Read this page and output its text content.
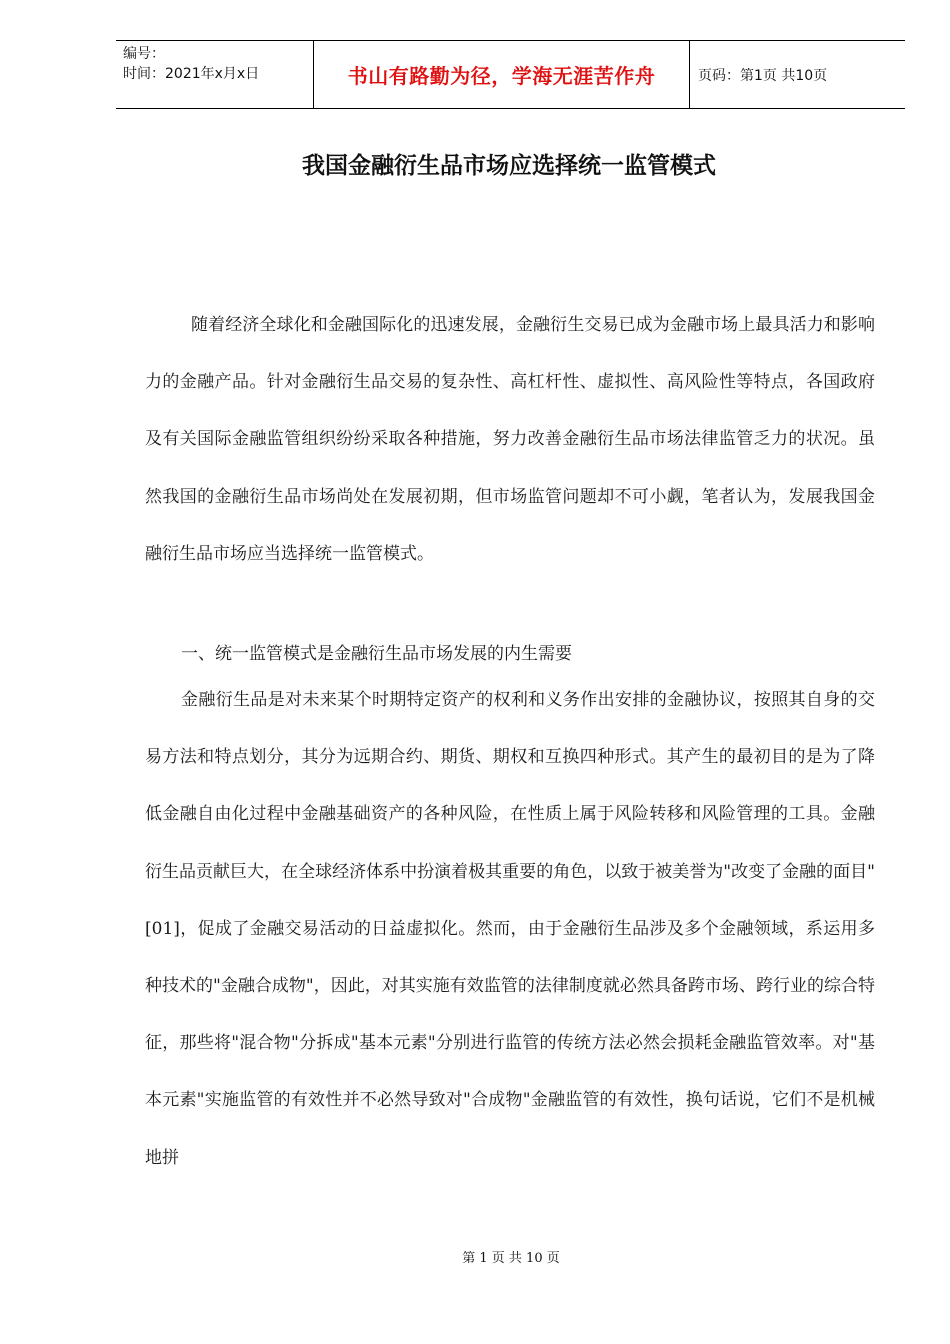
编号：
时间：2021年x月x日	书山有路勤为径，学海无涯苦作舟	页码：第1页 共10页
我国金融衍生品市场应选择统一监管模式

随着经济全球化和金融国际化的迅速发展，金融衍生交易已成为金融市场上最具活力和影响力的金融产品。针对金融衍生品交易的复杂性、高杠杆性、虚拟性、高风险性等特点，各国政府及有关国际金融监管组织纷纷采取各种措施，努力改善金融衍生品市场法律监管乏力的状况。虽然我国的金融衍生品市场尚处在发展初期，但市场监管问题却不可小觑，笔者认为，发展我国金融衍生品市场应当选择统一监管模式。

一、统一监管模式是金融衍生品市场发展的内生需要

金融衍生品是对未来某个时期特定资产的权利和义务作出安排的金融协议，按照其自身的交易方法和特点划分，其分为远期合约、期货、期权和互换四种形式。其产生的最初目的是为了降低金融自由化过程中金融基础资产的各种风险，在性质上属于风险转移和风险管理的工具。金融衍生品贡献巨大，在全球经济体系中扮演着极其重要的角色，以致于被美誉为"改变了金融的面目"[01]，促成了金融交易活动的日益虚拟化。然而，由于金融衍生品涉及多个金融领域，系运用多种技术的"金融合成物"，因此，对其实施有效监管的法律制度就必然具备跨市场、跨行业的综合特征，那些将"混合物"分拆成"基本元素"分别进行监管的传统方法必然会损耗金融监管效率。对"基本元素"实施监管的有效性并不必然导致对"合成物"金融监管的有效性，换句话说，它们不是机械地拼

第 1 页 共 10 页
